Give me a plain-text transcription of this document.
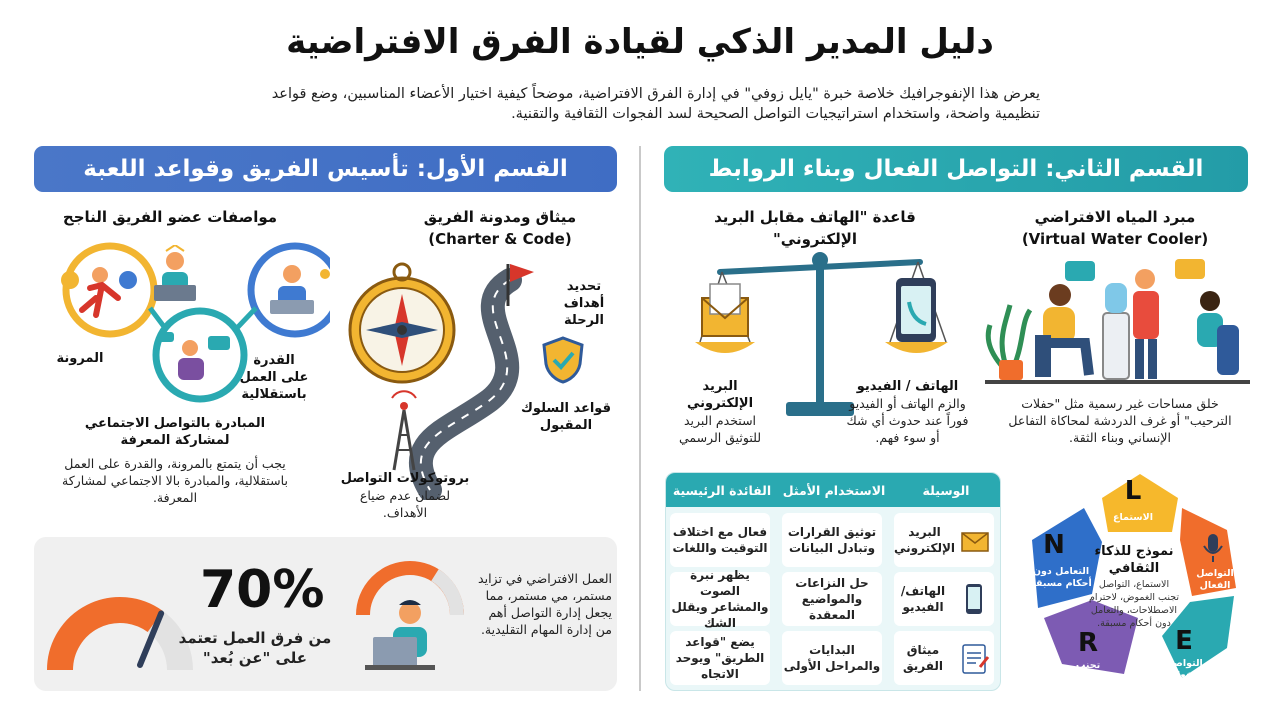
دليل المدير الذكي لقيادة الفرق الافتراضية
يعرض هذا الإنفوجرافيك خلاصة خبرة "يايل زوفي" في إدارة الفرق الافتراضية، موضحاً كيفية اختيار الأعضاء المناسبين، وضع قواعد تنظيمية واضحة، واستخدام استراتيجيات التواصل الصحيحة لسد الفجوات الثقافية والتقنية.
القسم الأول: تأسيس الفريق وقواعد اللعبة
ميثاق ومدونة الفريق
(Charter & Code)
تحديد أهداف الرحلة
قواعد السلوك المقبول
بروتوكولات التواصل
لضمان عدم ضياع الأهداف.
مواصفات عضو الفريق الناجح
المرونة	القدرة على العمل باستقلالية
المبادرة بالتواصل الاجتماعي لمشاركة المعرفة
يجب أن يتمتع بالمرونة، والقدرة على العمل باستقلالية، والمبادرة بالا الاجتماعي لمشاركة المعرفة.
70%
من فرق العمل تعتمد على "عن بُعد"
العمل الافتراضي في تزايد مستمر، مي مستمر، مما يجعل إدارة التواصل أهم من إدارة المهام التقليدية.
القسم الثاني: التواصل الفعال وبناء الروابط
مبرد المياه الافتراضي
(Virtual Water Cooler)
خلق مساحات غير رسمية مثل "حفلات الترحيب" أو غرف الدردشة لمحاكاة التفاعل الإنساني وبناء الثقة.
قاعدة "الهاتف مقابل البريد الإلكتروني"
الهاتف / الفيديو
والزم الهاتف أو الفيديو فوراً عند حدوث أي شك أو سوء فهم.
البريد الإلكتروني
استخدم البريد للتوثيق الرسمي
الوسيلة
الاستخدام الأمثل
الفائدة الرئيسية
البريد الإلكتروني
توثيق القرارات وتبادل البيانات
فعال مع اختلاف التوقيت واللغات
الهاتف/ الفيديو
حل النزاعات والمواضيع المعقدة
يظهر نبرة الصوت والمشاعر ويقلل الشك
ميثاق الفريق
البدايات والمراحل الأولى
يضع "قواعد الطريق" ويوحد الاتجاه
L
الاستماع
N
التعامل دون أحكام مسبقة
R
تجنب الغموض
E
التواصل الفعال
التواصل الفعال
نموذج للذكاء الثقافي
الاستماع، التواصل تجنب الغموض، لاحترام الاصطلاحات، والتعامل دون أحكام مسبقة.
